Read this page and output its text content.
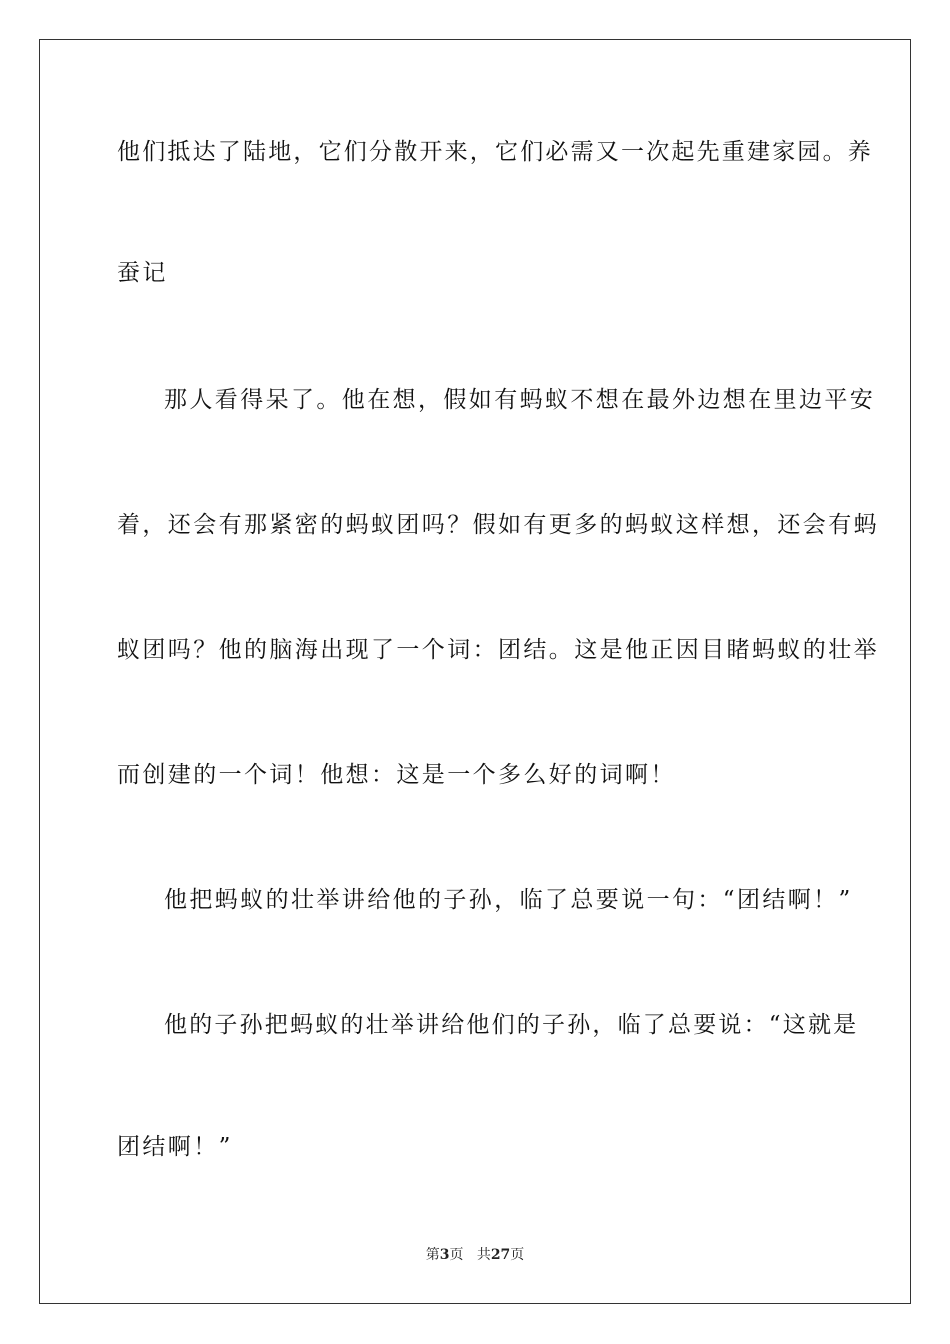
他们抵达了陆地，它们分散开来，它们必需又一次起先重建家园。养
蚕记
那人看得呆了。他在想，假如有蚂蚁不想在最外边想在里边平安
着，还会有那紧密的蚂蚁团吗？假如有更多的蚂蚁这样想，还会有蚂
蚁团吗？他的脑海出现了一个词：团结。这是他正因目睹蚂蚁的壮举
而创建的一个词！他想：这是一个多么好的词啊！
他把蚂蚁的壮举讲给他的子孙，临了总要说一句：“团结啊！”
他的子孙把蚂蚁的壮举讲给他们的子孙，临了总要说：“这就是
团结啊！”
第3页 共27页
